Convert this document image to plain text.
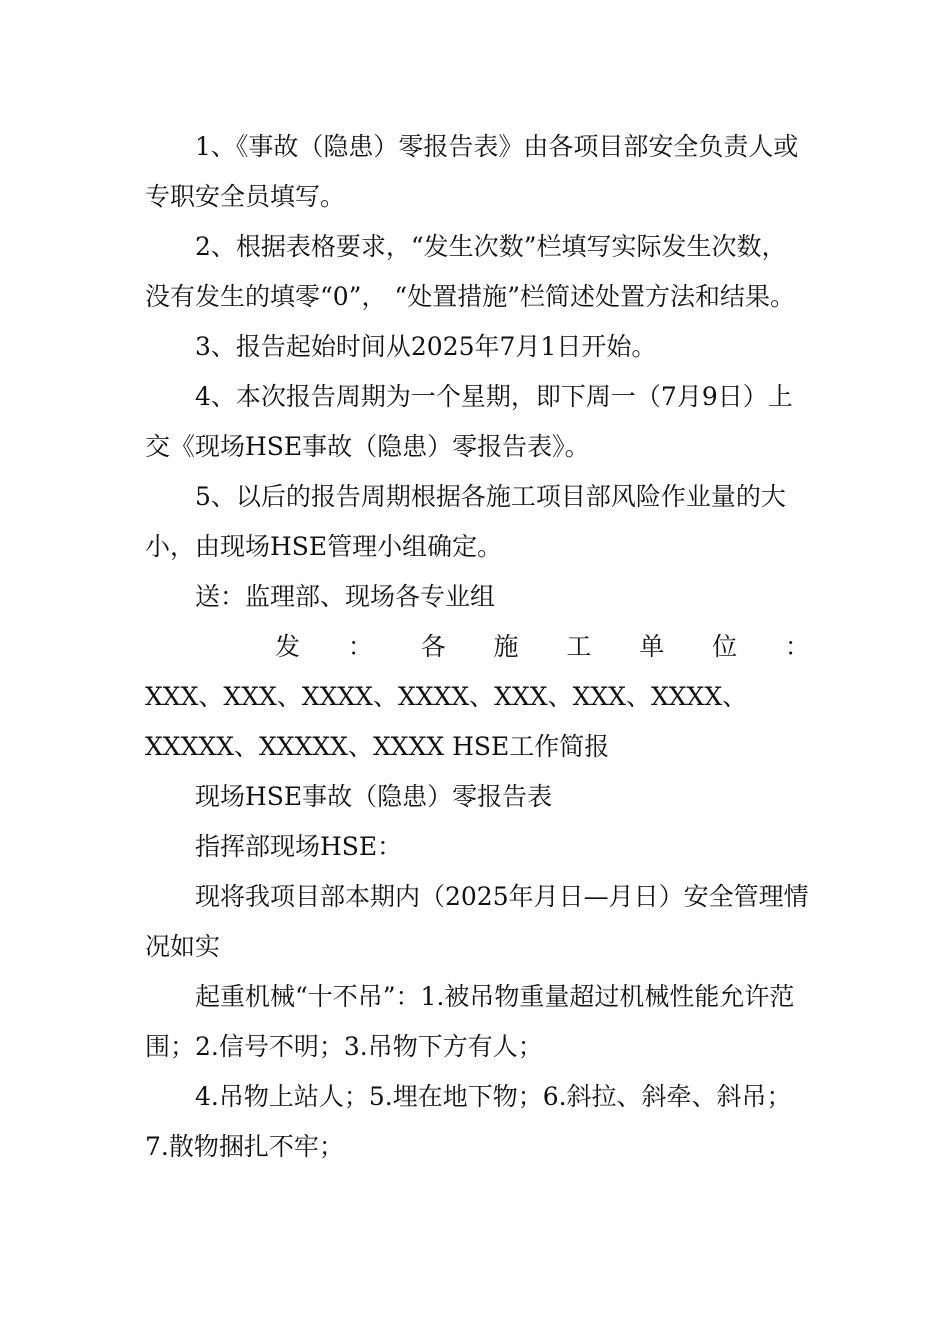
1、《事故（隐患）零报告表》由各项目部安全负责人或专职安全员填写。

2、根据表格要求，“发生次数”栏填写实际发生次数，没有发生的填零“0”， “处置措施”栏简述处置方法和结果。

3、报告起始时间从2025年7月1日开始。

4、本次报告周期为一个星期，即下周一（7月9日）上交《现场HSE事故（隐患）零报告表》。

5、以后的报告周期根据各施工项目部风险作业量的大小，由现场HSE管理小组确定。

送：监理部、现场各专业组

发 ： 各 施 工 单 位 ：

XXX、XXX、XXXX、XXXX、XXX、XXX、XXXX、XXXXX、XXXXX、XXXX HSE工作简报

现场HSE事故（隐患）零报告表

指挥部现场HSE：

现将我项目部本期内（2025年月日—月日）安全管理情况如实

起重机械“十不吊”：1.被吊物重量超过机械性能允许范围；2.信号不明；3.吊物下方有人；

4.吊物上站人；5.埋在地下物；6.斜拉、斜牵、斜吊；7.散物捆扎不牢；
